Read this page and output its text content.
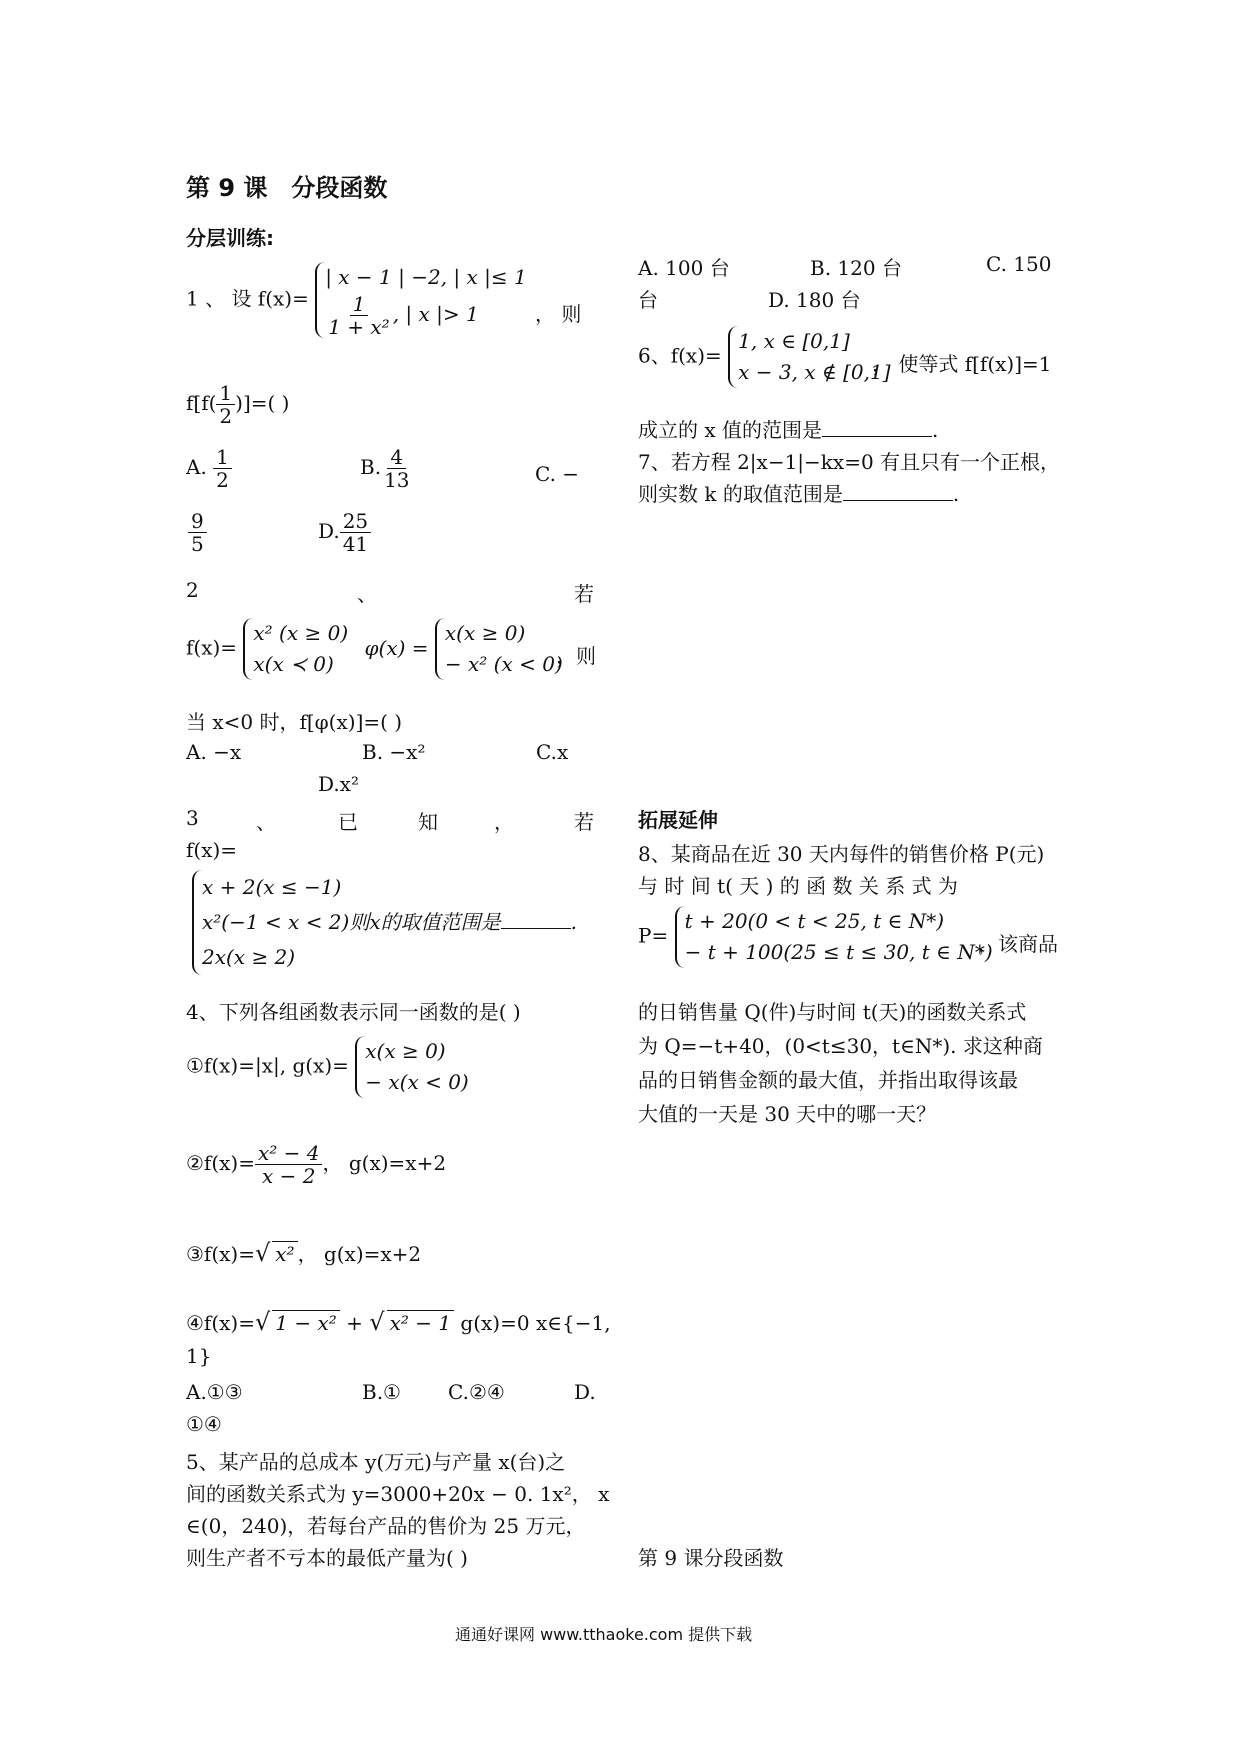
第 9 课　分段函数
分层训练:
1 、 设 f(x)= | x − 1 | −2, | x |≤ 1

$\frac{1}{\text{1 + x²}}$ , | x |> 1	， 则
$f[f( \frac{1}{2}$ )]=( )
A. $\frac{1}{2}$	B. $\frac{4}{13}$	C. −
$\frac{9}{5}$	D. $\frac{25}{41}$
2	、	若
f(x)= x² (x ≥ 0)
x(x ≺ 0) φ(x) = x(x ≥ 0)
− x² (x < 0)
，则
当 x<0 时，f[φ(x)]=( )
A. −x	B. −x²	C.x
D.x²
3	、	已	知	，	若
f(x)=
x + 2(x ≤ −1)
x²(−1 < x < 2)则x的取值范围是	.
2x(x ≥ 2)
4、下列各组函数表示同一函数的是( )
①f(x)=|x|, g(x)= x(x ≥ 0)
− x(x < 0)
②f(x)= $\frac{\text{x² − 4}}{x - 2}$ ， g(x)=x+2
③f(x)=√ x² ， g(x)=x+2
④f(x)=√ 1 − x² + √ x² − 1 g(x)=0 x∈{−1,
1}
A.①③	B.① C.②④	D.
①④
5、某产品的总成本 y(万元)与产量 x(台)之
间的函数关系式为 y=3000+20x − 0. 1x²， x
∈(0，240)，若每台产品的售价为 25 万元，
则生产者不亏本的最低产量为( )
A. 100 台	B. 120 台	C. 150
台	D. 180 台
6、f(x)= 1, x ∈ [0,1]
x − 3, x ∉ [0,1]
， 使等式 f[f(x)]=1
成立的 x 值的范围是	.
7、若方程 2|x−1|−kx=0 有且只有一个正根，
则实数 k 的取值范围是	.
拓展延伸
8、某商品在近 30 天内每件的销售价格 P(元)
与 时 间 t( 天 ) 的 函 数 关 系 式 为
P= t + 20(0 < t < 25, t ∈ N*)
− t + 100(25 ≤ t ≤ 30, t ∈ N*)
，该商品
的日销售量 Q(件)与时间 t(天)的函数关系式
为 Q=−t+40，(0<t≤30，t∈N*). 求这种商
品的日销售金额的最大值，并指出取得该最
大值的一天是 30 天中的哪一天？
第 9 课分段函数
通通好课网 www.tthaoke.com 提供下载
